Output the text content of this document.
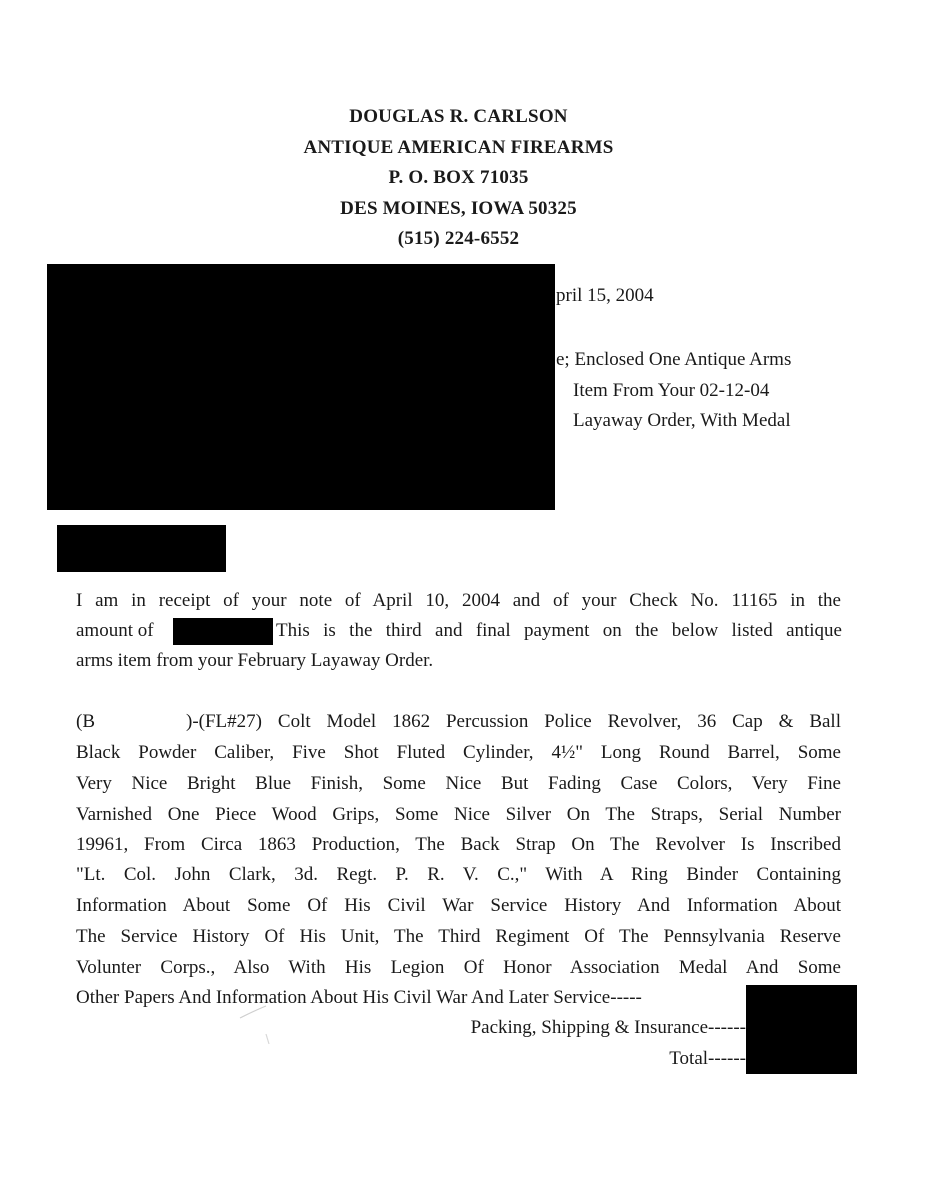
DOUGLAS R. CARLSON
ANTIQUE AMERICAN FIREARMS
P. O. BOX 71035
DES MOINES, IOWA 50325
(515) 224-6552
pril 15, 2004
e; Enclosed One Antique Arms
Item From Your 02-12-04
Layaway Order, With Medal
I am in receipt of your note of April 10, 2004 and of your Check No. 11165 in the
amount of	This is the third and final payment on the below listed antique
arms item from your February Layaway Order.
(B	)-(FL#27) Colt Model 1862 Percussion Police Revolver, 36 Cap & Ball
Black Powder Caliber, Five Shot Fluted Cylinder, 4½" Long Round Barrel, Some
Very Nice Bright Blue Finish, Some Nice But Fading Case Colors, Very Fine
Varnished One Piece Wood Grips, Some Nice Silver On The Straps, Serial Number
19961, From Circa 1863 Production, The Back Strap On The Revolver Is Inscribed
"Lt. Col. John Clark, 3d. Regt. P. R. V. C.," With A Ring Binder Containing
Information About Some Of His Civil War Service History And Information About
The Service History Of His Unit, The Third Regiment Of The Pennsylvania Reserve
Volunter Corps., Also With His Legion Of Honor Association Medal And Some
Other Papers And Information About His Civil War And Later Service-----
Packing, Shipping & Insurance------
Total------
